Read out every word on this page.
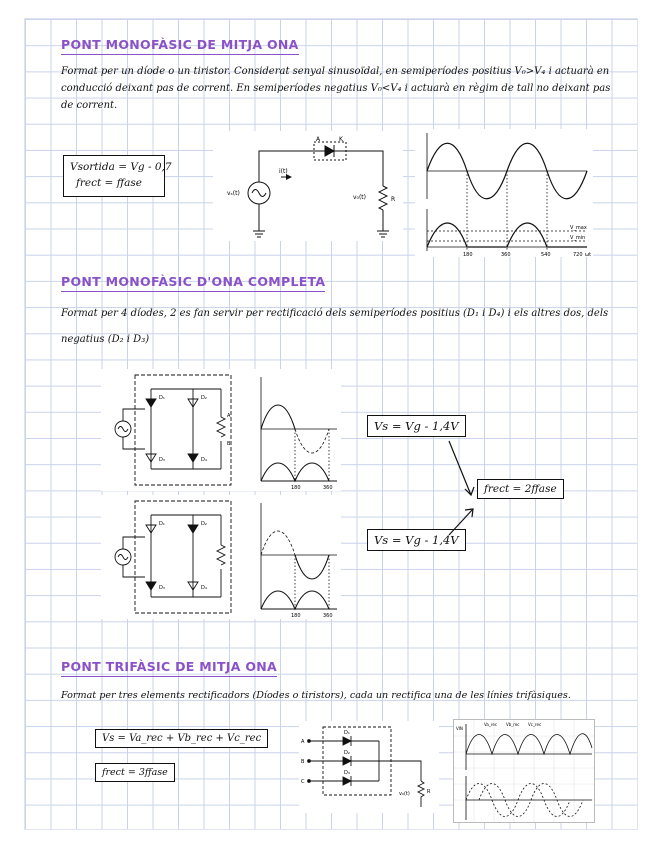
PONT MONOFÀSIC DE MITJA ONA
Format per un díode o un tiristor. Considerat senyal sinusoïdal, en semiperíodes positius V₀>V₄ i actuarà en conducció deixant pas de corrent. En semiperíodes negatius V₀<V₄ i actuarà en règim de tall no deixant pas de corrent.
Vsortida = Vg - 0,7
frect = ffase
A	K
i(t)
vₛ(t)
v₀(t)	R
V_max
V_min
180	360	540	720 ωt
PONT MONOFÀSIC D'ONA COMPLETA
Format per 4 díodes, 2 es fan servir per rectificació dels semiperíodes positius (D₁ i D₄) i els altres dos, dels negatius (D₂ i D₃)
D₁	D₂
D₃	D₄
A
B
180	360
D₁	D₂
D₃	D₄
180	360
Vs = Vg - 1,4V
Vs = Vg - 1,4V
frect = 2ffase
PONT TRIFÀSIC DE MITJA ONA
Format per tres elements rectificadors (Díodes o tiristors), cada un rectifica una de les línies trifàsiques.
Vs = Va_rec + Vb_rec + Vc_rec
frect = 3ffase
A
B
C
D₁
D₂
D₃
R
v₀(t)
VIN
Va_rec Vb_rec Vc_rec
